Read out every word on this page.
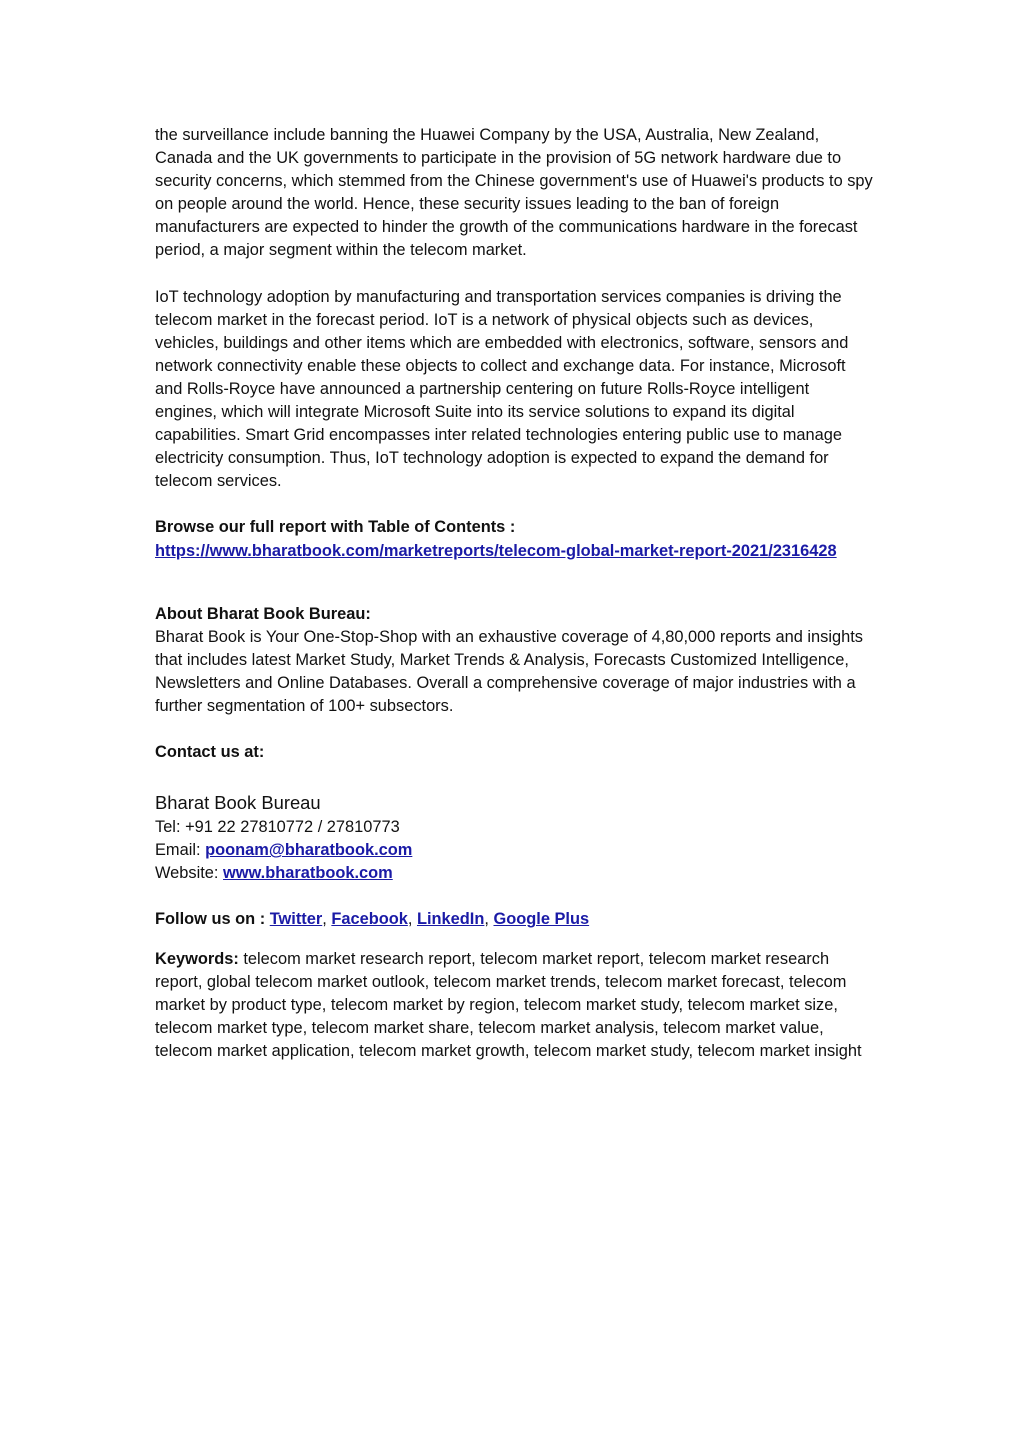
the surveillance include banning the Huawei Company by the USA, Australia, New Zealand, Canada and the UK governments to participate in the provision of 5G network hardware due to security concerns, which stemmed from the Chinese government's use of Huawei's products to spy on people around the world. Hence, these security issues leading to the ban of foreign manufacturers are expected to hinder the growth of the communications hardware in the forecast period, a major segment within the telecom market.

IoT technology adoption by manufacturing and transportation services companies is driving the telecom market in the forecast period. IoT is a network of physical objects such as devices, vehicles, buildings and other items which are embedded with electronics, software, sensors and network connectivity enable these objects to collect and exchange data. For instance, Microsoft and Rolls-Royce have announced a partnership centering on future Rolls-Royce intelligent engines, which will integrate Microsoft Suite into its service solutions to expand its digital capabilities. Smart Grid encompasses inter related technologies entering public use to manage electricity consumption. Thus, IoT technology adoption is expected to expand the demand for telecom services.

Browse our full report with Table of Contents :

https://www.bharatbook.com/marketreports/telecom-global-market-report-2021/2316428

About Bharat Book Bureau:

Bharat Book is Your One-Stop-Shop with an exhaustive coverage of 4,80,000 reports and insights that includes latest Market Study, Market Trends & Analysis, Forecasts Customized Intelligence, Newsletters and Online Databases. Overall a comprehensive coverage of major industries with a further segmentation of 100+ subsectors.

Contact us at:

Bharat Book Bureau

Tel: +91 22 27810772 / 27810773

Email: poonam@bharatbook.com

Website: www.bharatbook.com

Follow us on : Twitter, Facebook, LinkedIn, Google Plus

Keywords: telecom market research report, telecom market report, telecom market research report, global telecom market outlook, telecom market trends, telecom market forecast, telecom market by product type, telecom market by region, telecom market study, telecom market size, telecom market type, telecom market share, telecom market analysis, telecom market value, telecom market application, telecom market growth, telecom market study, telecom market insight
